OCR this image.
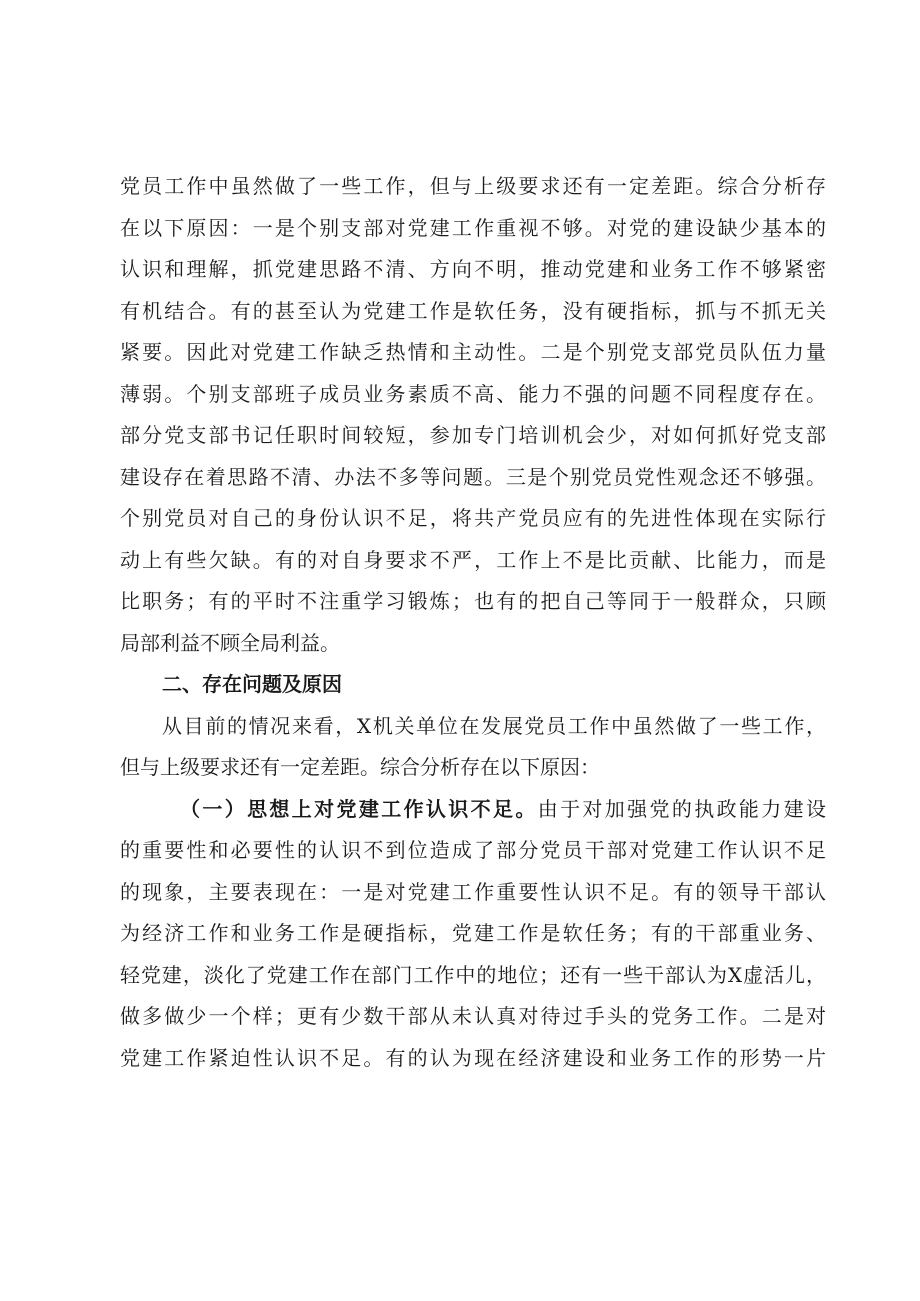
党员工作中虽然做了一些工作，但与上级要求还有一定差距。综合分析存
在以下原因：一是个别支部对党建工作重视不够。对党的建设缺少基本的
认识和理解，抓党建思路不清、方向不明，推动党建和业务工作不够紧密
有机结合。有的甚至认为党建工作是软任务，没有硬指标，抓与不抓无关
紧要。因此对党建工作缺乏热情和主动性。二是个别党支部党员队伍力量
薄弱。个别支部班子成员业务素质不高、能力不强的问题不同程度存在。
部分党支部书记任职时间较短，参加专门培训机会少，对如何抓好党支部
建设存在着思路不清、办法不多等问题。三是个别党员党性观念还不够强。
个别党员对自己的身份认识不足，将共产党员应有的先进性体现在实际行
动上有些欠缺。有的对自身要求不严，工作上不是比贡献、比能力，而是
比职务；有的平时不注重学习锻炼；也有的把自己等同于一般群众，只顾
局部利益不顾全局利益。
二、存在问题及原因
从目前的情况来看，X机关单位在发展党员工作中虽然做了一些工作，
但与上级要求还有一定差距。综合分析存在以下原因：
（一）思想上对党建工作认识不足。由于对加强党的执政能力建设
的重要性和必要性的认识不到位造成了部分党员干部对党建工作认识不足
的现象，主要表现在：一是对党建工作重要性认识不足。有的领导干部认
为经济工作和业务工作是硬指标，党建工作是软任务；有的干部重业务、
轻党建，淡化了党建工作在部门工作中的地位；还有一些干部认为X虚活儿，
做多做少一个样；更有少数干部从未认真对待过手头的党务工作。二是对
党建工作紧迫性认识不足。有的认为现在经济建设和业务工作的形势一片
